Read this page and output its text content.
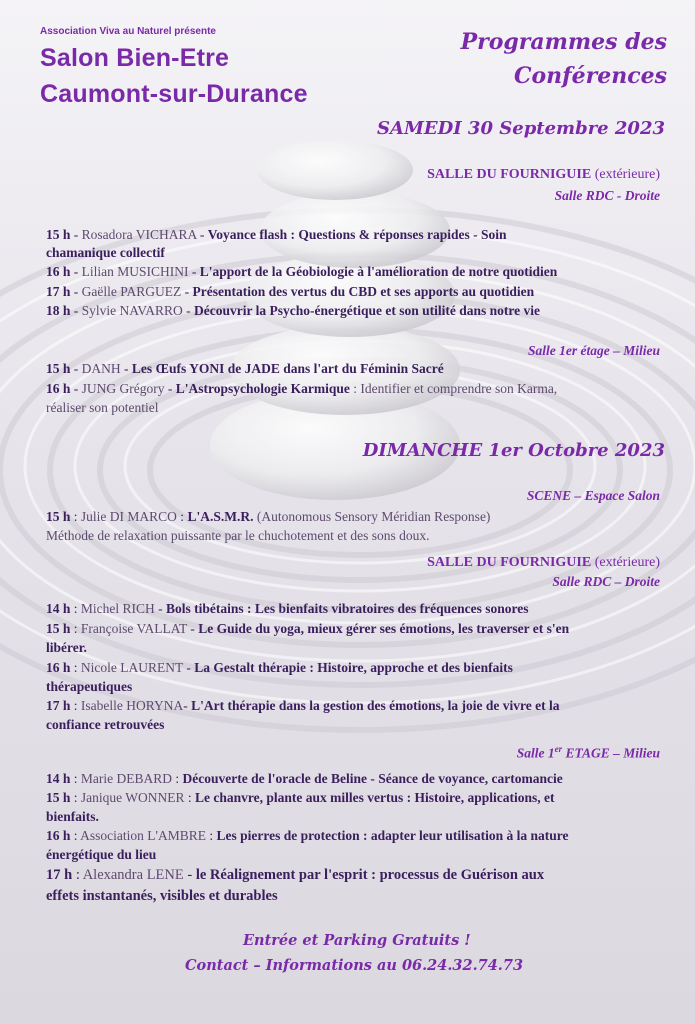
Association Viva au Naturel présente
Salon Bien-Etre
Caumont-sur-Durance
Programmes des
Conférences
SAMEDI 30 Septembre 2023
SALLE DU FOURNIGUIE (extérieure)
Salle RDC - Droite
15 h - Rosadora VICHARA - Voyance flash : Questions & réponses rapides - Soin
chamanique collectif
16 h - Lilian MUSICHINI - L'apport de la Géobiologie à l'amélioration de notre quotidien
17 h - Gaëlle PARGUEZ - Présentation des vertus du CBD et ses apports au quotidien
18 h - Sylvie NAVARRO - Découvrir la Psycho-énergétique et son utilité dans notre vie
Salle 1er étage – Milieu
15 h - DANH - Les Œufs YONI de JADE dans l'art du Féminin Sacré
16 h - JUNG Grégory - L'Astropsychologie Karmique : Identifier et comprendre son Karma,
réaliser son potentiel
DIMANCHE 1er Octobre 2023
SCENE – Espace Salon
15 h : Julie DI MARCO : L'A.S.M.R. (Autonomous Sensory Méridian Response)
Méthode de relaxation puissante par le chuchotement et des sons doux.
SALLE DU FOURNIGUIE (extérieure)
Salle RDC – Droite
14 h : Michel RICH - Bols tibétains : Les bienfaits vibratoires des fréquences sonores
15 h : Françoise VALLAT - Le Guide du yoga, mieux gérer ses émotions, les traverser et s'en
libérer.
16 h : Nicole LAURENT - La Gestalt thérapie : Histoire, approche et des bienfaits
thérapeutiques
17 h : Isabelle HORYNA- L'Art thérapie dans la gestion des émotions, la joie de vivre et la
confiance retrouvées
Salle 1er ETAGE – Milieu
14 h : Marie DEBARD : Découverte de l'oracle de Beline - Séance de voyance, cartomancie
15 h : Janique WONNER : Le chanvre, plante aux milles vertus : Histoire, applications, et
bienfaits.
16 h : Association L'AMBRE : Les pierres de protection : adapter leur utilisation à la nature
énergétique du lieu
17 h : Alexandra LENE - le Réalignement par l'esprit : processus de Guérison aux
effets instantanés, visibles et durables
Entrée et Parking Gratuits !
Contact – Informations au 06.24.32.74.73
